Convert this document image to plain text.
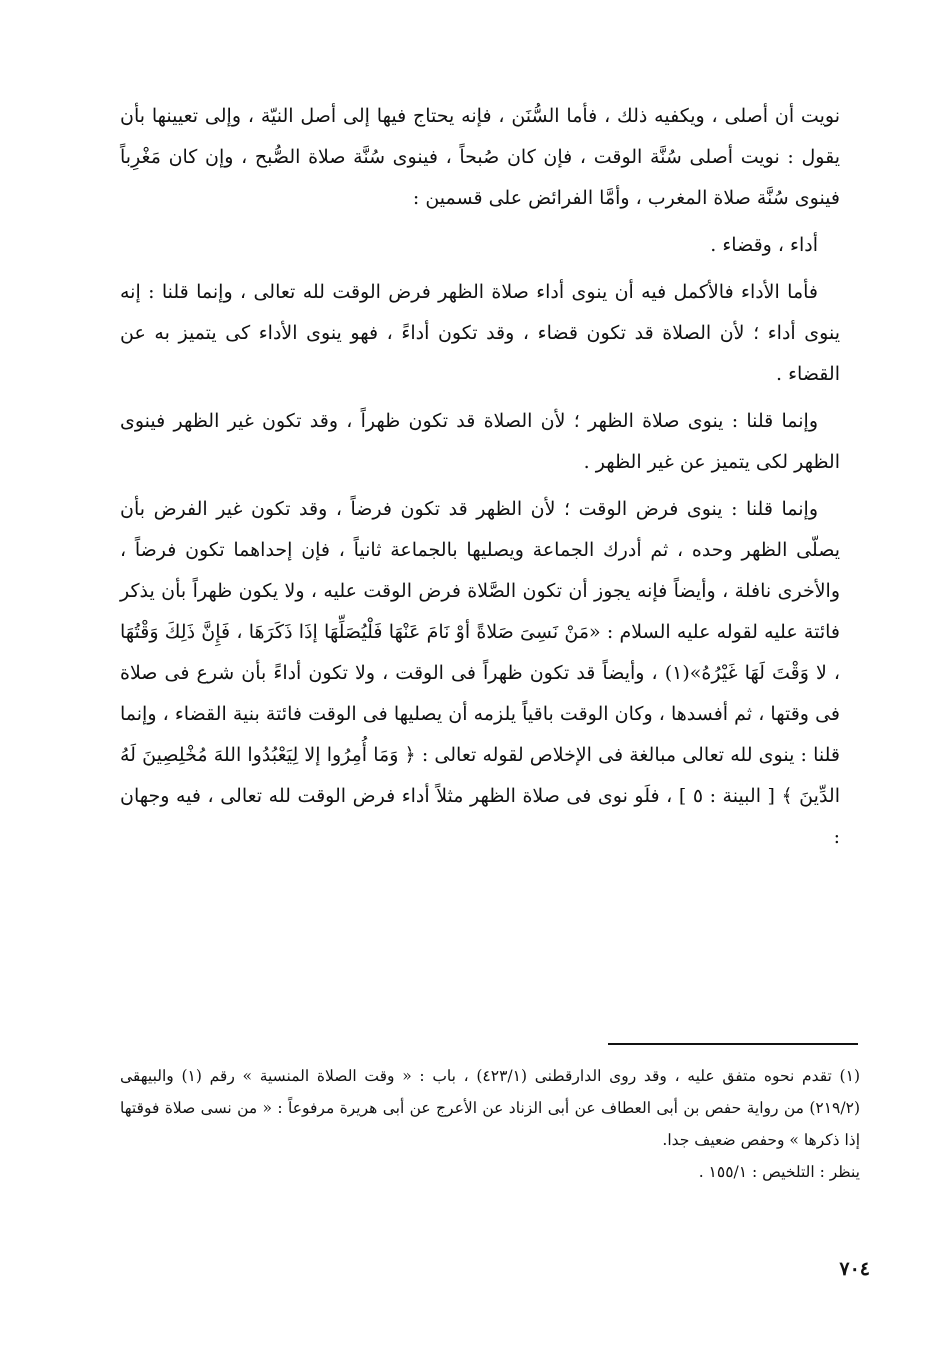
نويت أن أصلى ، ويكفيه ذلك ، فأما السُّنَن ، فإنه يحتاج فيها إلى أصل النيّة ، وإلى تعيينها بأن يقول : نويت أصلى سُنَّة الوقت ، فإن كان صُبحاً ، فينوى سُنَّة صلاة الصُّبح ، وإن كان مَغْرِباً فينوى سُنَّة صلاة المغرب ، وأمَّا الفرائض على قسمين :

أداء ، وقضاء .

فأما الأداء فالأكمل فيه أن ينوى أداء صلاة الظهر فرض الوقت لله تعالى ، وإنما قلنا : إنه ينوى أداء ؛ لأن الصلاة قد تكون قضاء ، وقد تكون أداءً ، فهو ينوى الأداء كى يتميز به عن القضاء .

وإنما قلنا : ينوى صلاة الظهر ؛ لأن الصلاة قد تكون ظهراً ، وقد تكون غير الظهر فينوى الظهر لكى يتميز عن غير الظهر .

وإنما قلنا : ينوى فرض الوقت ؛ لأن الظهر قد تكون فرضاً ، وقد تكون غير الفرض بأن يصلّى الظهر وحده ، ثم أدرك الجماعة ويصليها بالجماعة ثانياً ، فإن إحداهما تكون فرضاً ، والأخرى نافلة ، وأيضاً فإنه يجوز أن تكون الصَّلاة فرض الوقت عليه ، ولا يكون ظهراً بأن يذكر فائتة عليه لقوله عليه السلام : «مَنْ نَسِىَ صَلاةً أوْ نَامَ عَنْهَا فَلْيُصَلِّهَا إذَا ذَكَرَهَا ، فَإِنَّ ذَلِكَ وَقْتُهَا ، لا وَقْتَ لَهَا غَيْرُهُ»(١) ، وأيضاً قد تكون ظهراً فى الوقت ، ولا تكون أداءً بأن شرع فى صلاة فى وقتها ، ثم أفسدها ، وكان الوقت باقياً يلزمه أن يصليها فى الوقت فائتة بنية القضاء ، وإنما قلنا : ينوى لله تعالى مبالغة فى الإخلاص لقوله تعالى : ﴿ وَمَا أُمِرُوا إلا لِيَعْبُدُوا اللهَ مُخْلِصِينَ لَهُ الدِّينَ ﴾ [ البينة : ٥ ] ، فلَو نوى فى صلاة الظهر مثلاً أداء فرض الوقت لله تعالى ، فيه وجهان :

(١) تقدم نحوه متفق عليه ، وقد روى الدارقطنى (٤٢٣/١) ، باب : « وقت الصلاة المنسية » رقم (١) والبيهقى (٢١٩/٢) من رواية حفص بن أبى العطاف عن أبى الزناد عن الأعرج عن أبى هريرة مرفوعاً : « من نسى صلاة فوقتها إذا ذكرها » وحفص ضعيف جدا.

ينظر : التلخيص : ١٥٥/١ .

٧٠٤
